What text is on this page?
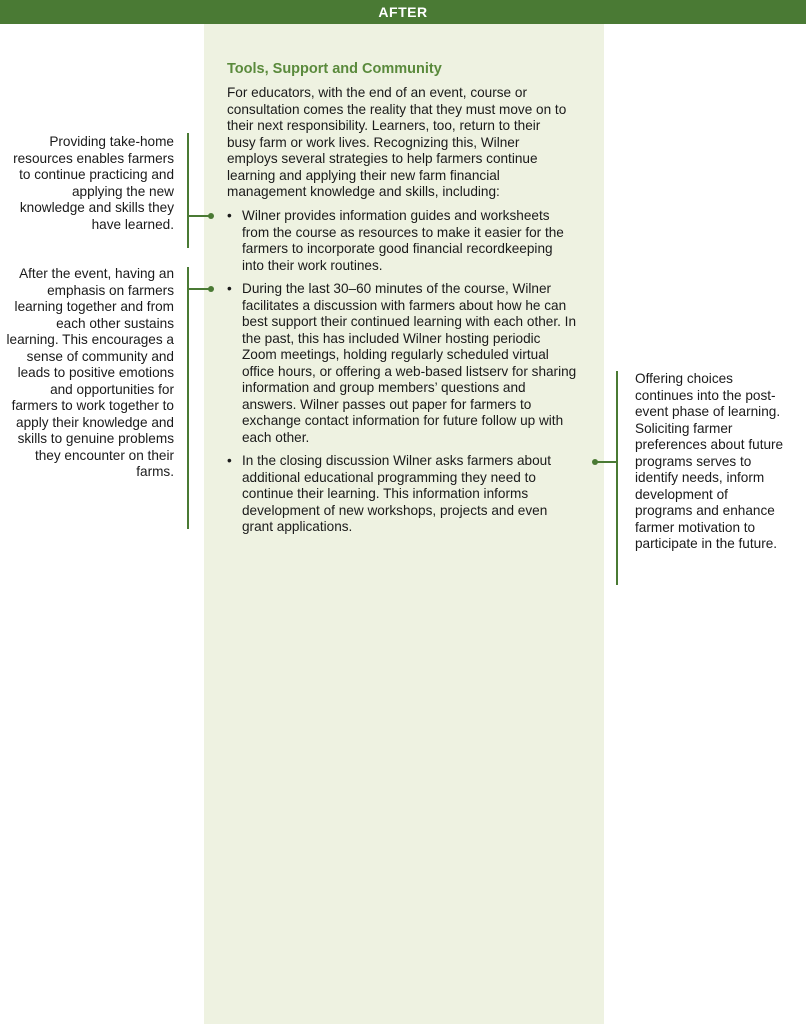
AFTER
Tools, Support and Community
For educators, with the end of an event, course or consultation comes the reality that they must move on to their next responsibility. Learners, too, return to their busy farm or work lives. Recognizing this, Wilner employs several strategies to help farmers continue learning and applying their new farm financial management knowledge and skills, including:
• Wilner provides information guides and worksheets from the course as resources to make it easier for the farmers to incorporate good financial recordkeeping into their work routines.
• During the last 30–60 minutes of the course, Wilner facilitates a discussion with farmers about how he can best support their continued learning with each other. In the past, this has included Wilner hosting periodic Zoom meetings, holding regularly scheduled virtual office hours, or offering a web-based listserv for sharing information and group members’ questions and answers. Wilner passes out paper for farmers to exchange contact information for future follow up with each other.
• In the closing discussion Wilner asks farmers about additional educational programming they need to continue their learning. This information informs development of new workshops, projects and even grant applications.
Providing take-home resources enables farmers to continue practicing and applying the new knowledge and skills they have learned.
After the event, having an emphasis on farmers learning together and from each other sustains learning. This encourages a sense of community and leads to positive emotions and opportunities for farmers to work together to apply their knowledge and skills to genuine problems they encounter on their farms.
Offering choices continues into the post-event phase of learning. Soliciting farmer preferences about future programs serves to identify needs, inform development of programs and enhance farmer motivation to participate in the future.
